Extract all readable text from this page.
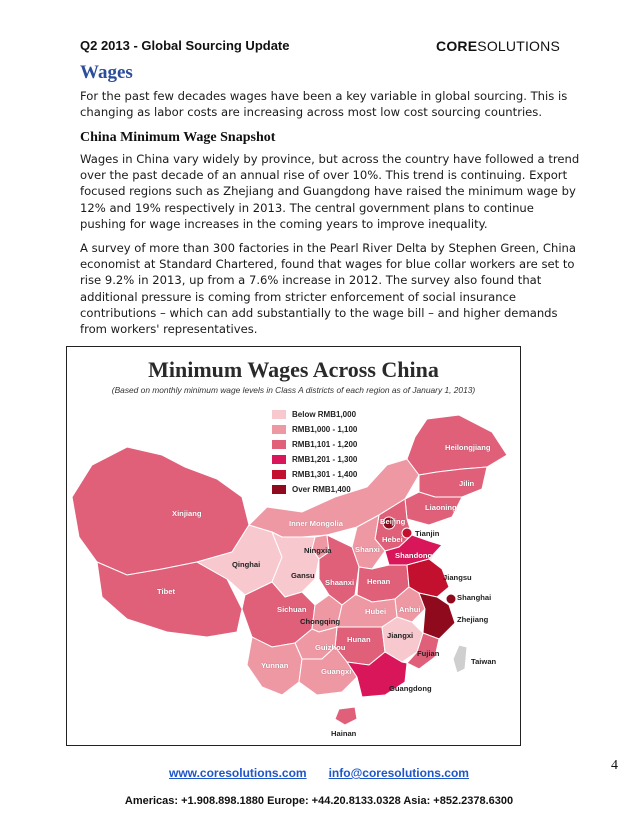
Q2 2013 - Global Sourcing Update	CORESOLUTIONS
Wages
For the past few decades wages have been a key variable in global sourcing. This is changing as labor costs are increasing across most low cost sourcing countries.
China Minimum Wage Snapshot
Wages in China vary widely by province, but across the country have followed a trend over the past decade of an annual rise of over 10%. This trend is continuing. Export focused regions such as Zhejiang and Guangdong have raised the minimum wage by 12% and 19% respectively in 2013. The central government plans to continue pushing for wage increases in the coming years to improve inequality.
A survey of more than 300 factories in the Pearl River Delta by Stephen Green, China economist at Standard Chartered, found that wages for blue collar workers are set to rise 9.2% in 2013, up from a 7.6% increase in 2012. The survey also found that additional pressure is coming from stricter enforcement of social insurance contributions – which can add substantially to the wage bill – and higher demands from workers' representatives.
Minimum Wages Across China
(Based on monthly minimum wage levels in Class A districts of each region as of January 1, 2013)
Below RMB1,000
RMB1,000 - 1,100
RMB1,101 - 1,200
RMB1,201 - 1,300
RMB1,301 - 1,400
Over RMB1,400
Xinjiang
Tibet
Qinghai
Inner Mongolia
Heilongjiang
Jilin
Liaoning
Beijing
Tianjin
Hebei
Shanxi
Shandong
Ningxia
Gansu
Shaanxi Henan	Jiangsu
Anhui
Shanghai
Zhejiang
Sichuan
Chongqing
Hubei
Hunan Jiangxi
Guizhou
Fujian
Yunnan
Guangxi
Taiwan
Guangdong
Hainan
4
www.coresolutions.com info@coresolutions.com
Americas: +1.908.898.1880 Europe: +44.20.8133.0328 Asia: +852.2378.6300
